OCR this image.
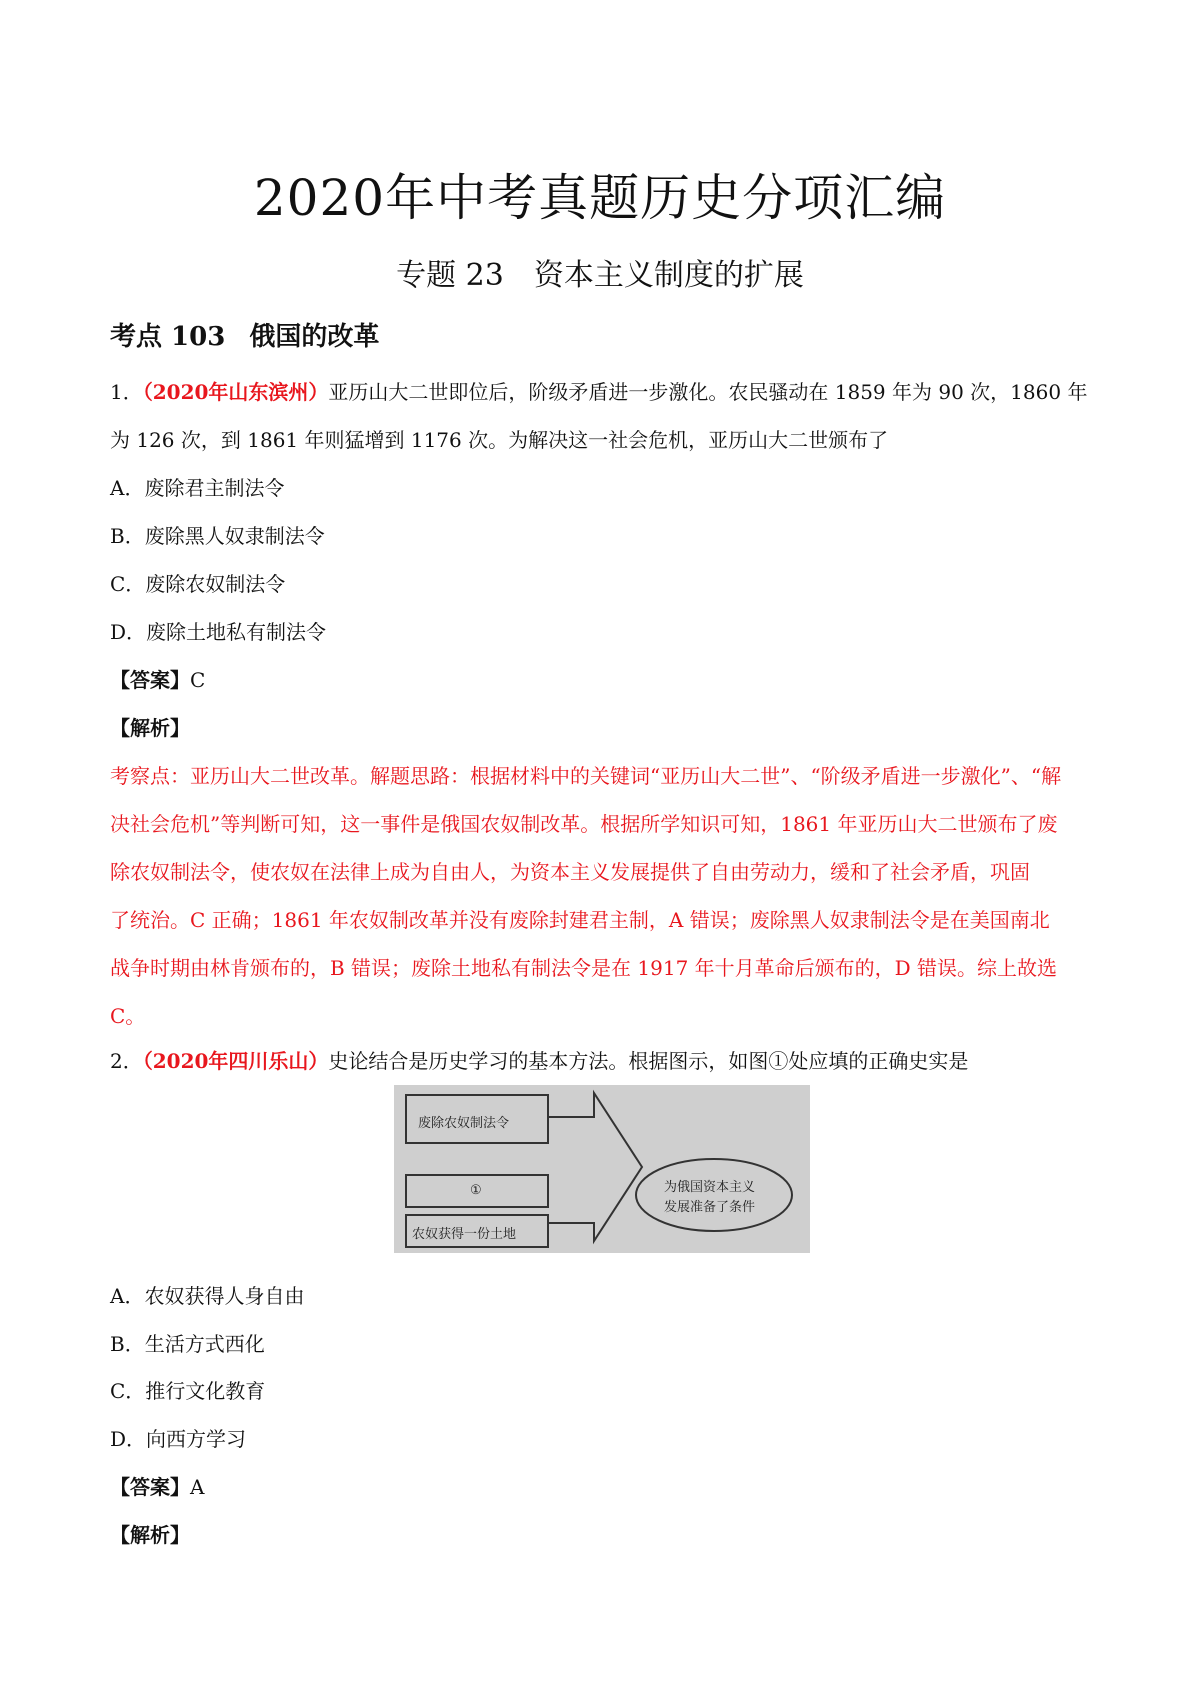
2020年中考真题历史分项汇编
专题 23 资本主义制度的扩展
考点 103 俄国的改革
1．（2020年山东滨州）亚历山大二世即位后，阶级矛盾进一步激化。农民骚动在 1859 年为 90 次，1860 年
为 126 次，到 1861 年则猛增到 1176 次。为解决这一社会危机，亚历山大二世颁布了
A．废除君主制法令
B．废除黑人奴隶制法令
C．废除农奴制法令
D．废除土地私有制法令
【答案】C
【解析】
考察点：亚历山大二世改革。解题思路：根据材料中的关键词“亚历山大二世”、“阶级矛盾进一步激化”、“解
决社会危机”等判断可知，这一事件是俄国农奴制改革。根据所学知识可知，1861 年亚历山大二世颁布了废
除农奴制法令，使农奴在法律上成为自由人，为资本主义发展提供了自由劳动力，缓和了社会矛盾，巩固
了统治。C 正确；1861 年农奴制改革并没有废除封建君主制，A 错误；废除黑人奴隶制法令是在美国南北
战争时期由林肯颁布的，B 错误；废除土地私有制法令是在 1917 年十月革命后颁布的，D 错误。综上故选
C。
2．（2020年四川乐山）史论结合是历史学习的基本方法。根据图示，如图①处应填的正确史实是
废除农奴制法令
①
农奴获得一份土地
为俄国资本主义
发展准备了条件
A．农奴获得人身自由
B．生活方式西化
C．推行文化教育
D．向西方学习
【答案】A
【解析】
